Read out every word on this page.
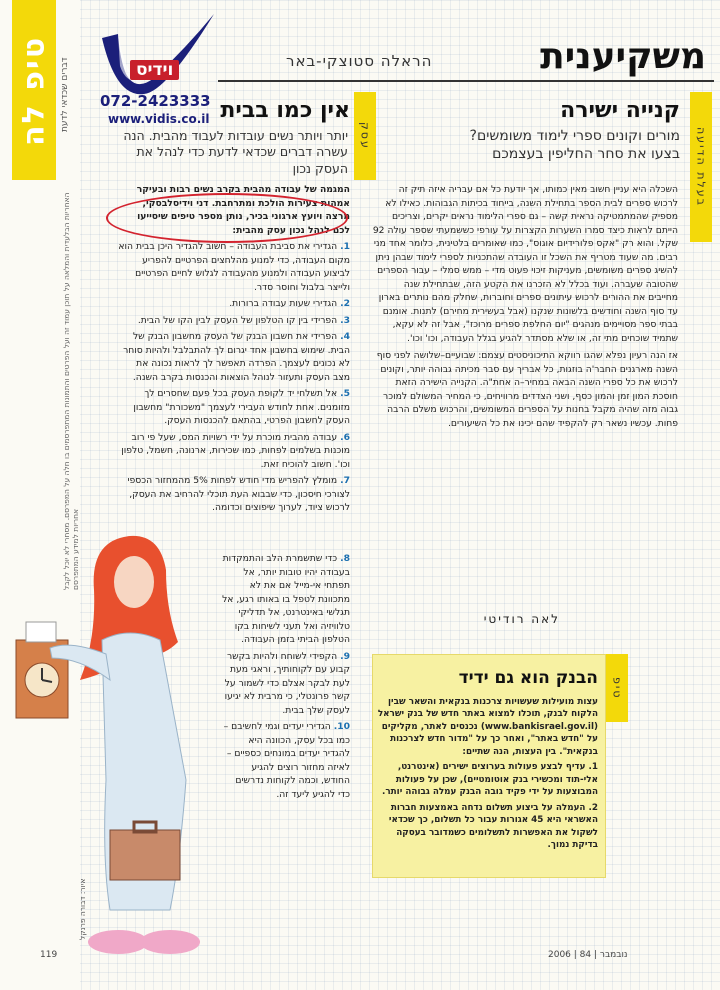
טיפ לה דברים שכדאי לדעת
האחריות הבלעדית והמלאה על תוכן עמוד זה ועל הפרטים והתמונות המתפרסמים בו חלה על המפרסם. מסחרי לא יוכל לקבל אחריות למידע המתפרסם
וידיס
072-2423333
www.vidis.co.il
משקיענית
הראלה סטוצקי-באר
בעלת הדיעה
קנייה ישירה
מורים וקונים ספרי לימוד משומשים? בצעו את סחר החליפין בעצמכם

השכלה היא עניין חשוב מאין כמותו, אך יודעת כל אם עבריה איזה תיק זה לרכוש ספרים לבית הספר בתחילת השנה, בייחוד בכיתות הגבוהות. כאילו לא מספיק שהמתמטיקה נראית קשה – גם ספרי הלימוד נראים יקרים, וצריכים הייתם לראות כיצד סמרו השערות הקצרות על עורפי כששמעתי שספר עולה 92 שקל. והוא רק "אקס פלורידיום אוגוס", כמו שאומרים בלטינית, כלומר אחד מני רבים. מה שעוד מטריף את השכל זו העובדה שהתכניות לספרי לימוד שבהן ניתן להשיג ספרים משומשים, מעניקות זיכוי פעוט מדי – ממש סמלי – עבור הספרים שהטובה שעברה. ועוד בכלל לא הזכרנו את הקטע הזה, שבתחילת שנה מחייבים את ההורים לרכוש עיתונים ספרים וחוברות, שחלק מהם נותרים בארון עד סוף השנה וחודשים בלשונות שנקנו (אבל בעשירית מחירם) לתנות. אומנם בבתי ספר מסויימים מנהגים "יום החלפת ספרים מרוכז", אבל זה לא עקא, שתמיד שוכחים מתי זה, או שלא מסתדר להגיע בגלל העבודה, וכו' וכו'.

אז הנה רעיון נפלא שהגו רווקא התיכוניסטים עצמם: שבועיים–שלושה לפני סוף השנה מארגנים החבר'ה בוזגות, כל אבריך עם סבר מכיתה גבוהה יותר, וקונים לרכוש את כל ספרי השנה הבאה במחיר–ה אחת"ה. הקנייה הישירה הזאת חוסכת המון זמן והמון כסף, ושני הצדדים מרוויחים, כי המחיר המשולם למוכר גבוה מזה שהיה מקבל בחנות על הספרים המשומשים, והרכוש משלם הרבה פחות. עכשיו נשאר רק להקפיד שהם יכינו את כל השיעורים.

לאה רודיטי
עסק
אין כמו בבית
יותר ויותר נשים עובדות לעבוד מהבית. הנה עשרה דברים שכדאי לדעת כדי לנהל את העסק נכון

המגמה של עבודה מהבית בקרב נשים רבות ובעיקר אמהות צעירות הולכת ומתרחבת. דני וידיסלבסקי, מרצה ויועץ ארגוני בכיר, נותן מספר טיפים שיסייעו לכם לנהל נכון עסק מהבית:

1. הגדירי את סביבת העבודה – חשוב להגדיר היכן בבית הוא מקום העבודה, כדי למנוע מהלחצים הפרטיים להפריע לביצוע העבודה ולמנוע מהעבודה לגלוש לחיים הפרטיים ולייצר בלבול וחוסר סדר.

2. הגדירי שעות עבודה ברורות.

3. הפרידי בין קו הטלפון של העסק לבין הקו של הבית.

4. הפרידי את חשבון הבנק של העסק מחשבון הבנק של הבית. שימוש בחשבון אחד יגרום לך להתבלבל ולהיות סוחר לא נכונים לעצמך. הפרדה תאפשר לך לראות נכונה את מצב העסק ותעזור לנוהל הוצאות והכנסות בקרב השנה.

5. אל תשלחי יד לקופת העסק בכל פעם שחסרים לך מזומנים. אחת לחודש העבירי לעצמך "משכורת" מחשבון העסק לחשבון הפרטי, בהתאם להכנסות העסק.

6. עבודה מהבית מוכרת על ידי רשויות המס, שעל פי רוב מוכנות בשלמים לפחות, כמו שכירות, ארנונה, חשמל, טלפון וכו'. חשוב להוכיח זאת.

7. מומלץ להפריש מדי חודש לפחות 5% מהמחזור הכספי לצורכי חיסכון, כדי שבבוא העת תוכלי להרחיב את העסק, לרכוש ציוד, לערוך שיפוצים וכדומה.

8. כדי שתשמרת הלב והתמקדות בעבודה יהיו טובות יותר, אל תפתחי אי-מייל אם את לא מתכוונת לטפל בו באותו רגע, אל תגלשי באינטרנט, אל תדליקי טלוויזיה ואל תעני לשיחות בקו הטלפון הביתי בזמן העבודה.

9. הקפידי לשוחח ולהיות בקשר קבוע עם לקוחותיך, וראגי מעת לעת לבקר אצלם כדי לשמור על קשר פרונטלי, כי מרבית לא יגיעו לעסק שלך בבית.

10. הגדירי יעדים וגמי לחשיבם – כמו בכל עסק, הכוונה היא להגדיר יעדים במונחים כספיים – לאיזה מחזור רוצים להגיע החודש, וכמה לקוחות נדרשים כדי להגיע ליעד זה.

טיפ
הבנק הוא גם ידיד

עצות מועילות שעשויות צרכנות בנקאית והשאר שבין הלקוח לבנק, תוכלו למצוא באתר חדש של בנק ישראל (www.bankisrael.gov.il) נכנסים לאתר, מקליקים על "חדש באתר", ואחר כך על "מדור חדש לצרכנות בנקאית". בין העצות, הנה שתיים:

1. עדיף לבצע פעולות בערוצים ישירים (אינטרנט, אלי-תוד ומכשירי בנק אוטומטיים), שכן על פעולות המבוצעות על ידי פקיד גובה הבנק עמלה גבוהה יותר.

2. העמלה על ביצוע תשלום נדחה באמצעות חברות האשראי היא 45 אגורות עבור כל תשלום, כך שכדאי לשקול את האפשרות לתשלומים כשמדובר בעסקה בדיקת נמוך.

איור: דבורה פרנקל
119	2006 | נובמבר | 84
